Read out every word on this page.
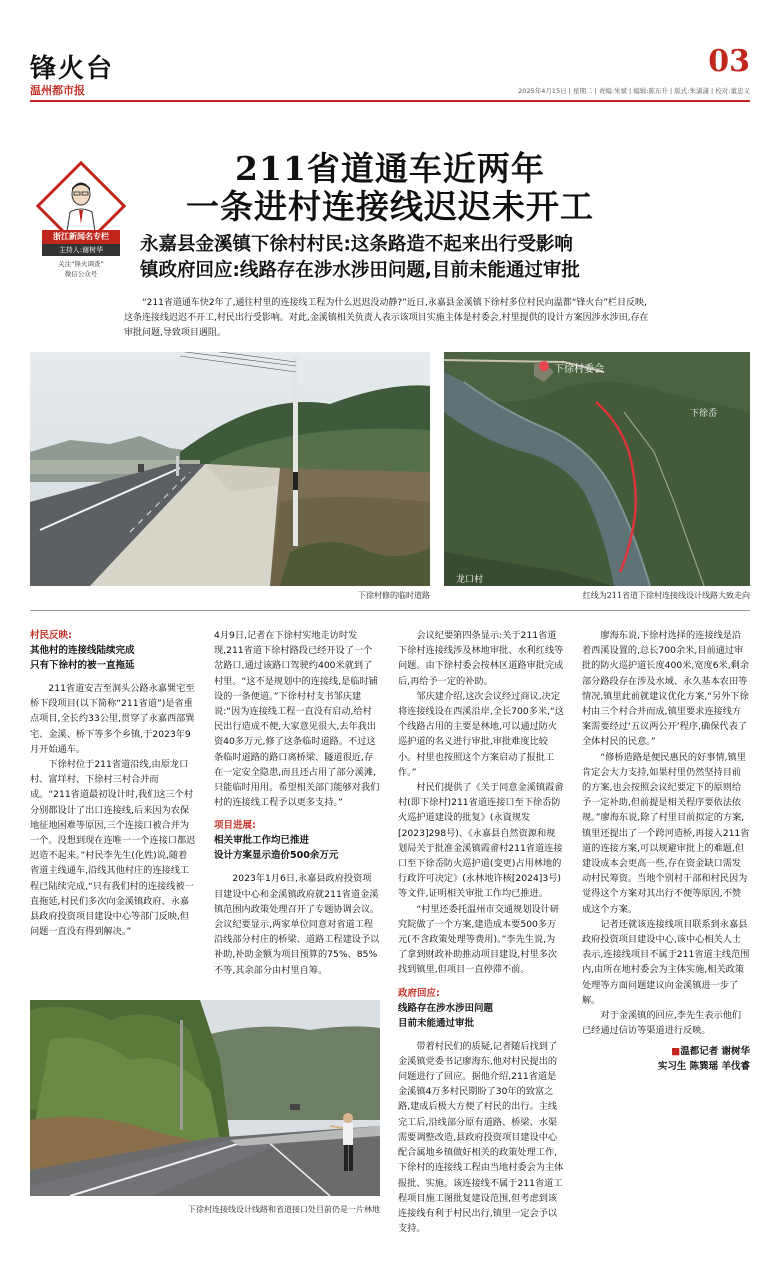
锋火台
温州都市报
03
2025年4月15日 | 星期二 | 责编:朱斌 | 编辑:陈东升 | 版式:朱潇潇 | 校对:董忠义
浙江新闻名专栏
主持人:谢树华
关注“锋火调查”
微信公众号
211省道通车近两年
一条进村连接线迟迟未开工
永嘉县金溪镇下徐村村民:这条路造不起来出行受影响
镇政府回应:线路存在涉水涉田问题,目前未能通过审批
“211省道通车快2年了,通往村里的连接线工程为什么迟迟没动静?”近日,永嘉县金溪镇下徐村多位村民向温都“锋火台”栏目反映,这条连接线迟迟不开工,村民出行受影响。对此,金溪镇相关负责人表示该项目实施主体是村委会,村里提供的设计方案因涉水涉田,存在审批问题,导致项目遇阻。
下徐村修的临时道路
下徐村委会
下徐岙
龙口村
红线为211省道下徐村连接线设计线路大致走向
村民反映:
其他村的连接线陆续完成
只有下徐村的被一直拖延

211省道安吉至洞头公路永嘉巽宅至桥下段项目(以下简称“211省道”)是省重点项目,全长约33公里,贯穿了永嘉西部巽宅、金溪、桥下等多个乡镇,于2023年9月开始通车。

下徐村位于211省道沿线,由原龙口村、富垟村、下徐村三村合并而成。“211省道最初设计时,我们这三个村分别都设计了出口连接线,后来因为农保地征地困难等原因,三个连接口被合并为一个。没想到现在连唯一一个连接口都迟迟造不起来。”村民李先生(化姓)说,随着省道主线通车,沿线其他村庄的连接线工程已陆续完成,“只有我们村的连接线被一直拖延,村民们多次向金溪镇政府、永嘉县政府投资项目建设中心等部门反映,但问题一直没有得到解决。”

4月9日,记者在下徐村实地走访时发现,211省道下徐村路段已经开设了一个岔路口,通过该路口驾驶约400米就到了村里。“这不是规划中的连接线,是临时铺设的一条便道。”下徐村村支书邹庆建说:“因为连接线工程一直没有启动,给村民出行造成不便,大家意见很大,去年我出资40多万元,修了这条临时道路。不过这条临时道路的路口离桥梁、隧道很近,存在一定安全隐患,而且还占用了部分溪滩,只能临时用用。希望相关部门能够对我们村的连接线工程予以更多支持。”

项目进展:
相关审批工作均已推进
设计方案显示造价500余万元

2023年1月6日,永嘉县政府投资项目建设中心和金溪镇政府就211省道金溪镇范围内政策处理召开了专题协调会议。会议纪要显示,两家单位同意对省道工程沿线部分村庄的桥梁、道路工程建设予以补助,补助金额为项目预算的75%、85%不等,其余部分由村里自筹。

会议纪要第四条显示:关于211省道下徐村连接线涉及林地审批、水利红线等问题。由下徐村委会按林区道路审批完成后,再给予一定的补助。

邹庆建介绍,这次会议经过商议,决定将连接线设在西溪沿岸,全长700多米,“这个线路占用的主要是林地,可以通过防火巡护道的名义进行审批,审批难度比较小。村里也按照这个方案启动了报批工作。”

村民们提供了《关于同意金溪镇霞畲村(即下徐村)211省道连接口至下徐岙防火巡护道建设的批复》(永資规发[2023]298号)、《永嘉县自然资源和规划局关于批准金溪镇霞畲村211省道连接口至下徐岙防火巡护道(变更)占用林地的行政许可决定》(永林地许核[2024]3号)等文件,证明相关审批工作均已推进。

“村里还委托温州市交通规划设计研究院做了一个方案,建造成本要500多万元(不含政策处理等费用)。”李先生说,为了拿到财政补助推动项目建设,村里多次找到镇里,但项目一直停滞不前。

政府回应:
线路存在涉水涉田问题
目前未能通过审批

带着村民们的质疑,记者随后找到了金溪镇党委书记廖海东,他对村民提出的问题进行了回应。据他介绍,211省道是金溪镇4万多村民期盼了30年的致富之路,建成后极大方便了村民的出行。主线完工后,沿线部分原有道路、桥梁、水渠需要调整改造,县政府投资项目建设中心配合属地乡镇做好相关的政策处理工作,下徐村的连接线工程由当地村委会为主体报批、实施。该连接线不属于211省道工程项目施工图批复建设范围,但考虑到该连接线有利于村民出行,镇里一定会予以支持。

廖海东说,下徐村选择的连接线是沿着西溪设置的,总长700余米,目前通过审批的防火巡护道长度400米,宽度6米,剩余部分路段存在涉及水域、永久基本农田等情况,镇里此前就建议优化方案,“另外下徐村由三个村合并而成,镇里要求连接线方案需要经过‘五议两公开’程序,确保代表了全体村民的民意。”

“修桥造路是便民惠民的好事情,镇里肯定会大力支持,如果村里仍然坚持目前的方案,也会按照会议纪要定下的原则给予一定补助,但前提是相关程序要依法依规。”廖海东说,除了村里目前拟定的方案,镇里还提出了一个跨河造桥,再接入211省道的连接方案,可以规避审批上的难题,但建设成本会更高一些,存在资金缺口需发动村民筹资。当地个别村干部和村民因为觉得这个方案对其出行不便等原因,不赞成这个方案。

记者还就该连接线项目联系到永嘉县政府投资项目建设中心,该中心相关人士表示,连接线项目不属于211省道主线范围内,由所在地村委会为主体实施,相关政策处理等方面问题建议向金溪镇进一步了解。

对于金溪镇的回应,李先生表示他们已经通过信访等渠道进行反映。

■温都记者 谢树华
实习生 陈巽瑶 羊伐睿
下徐村连接线设计线路和省道接口处目前仍是一片林地
